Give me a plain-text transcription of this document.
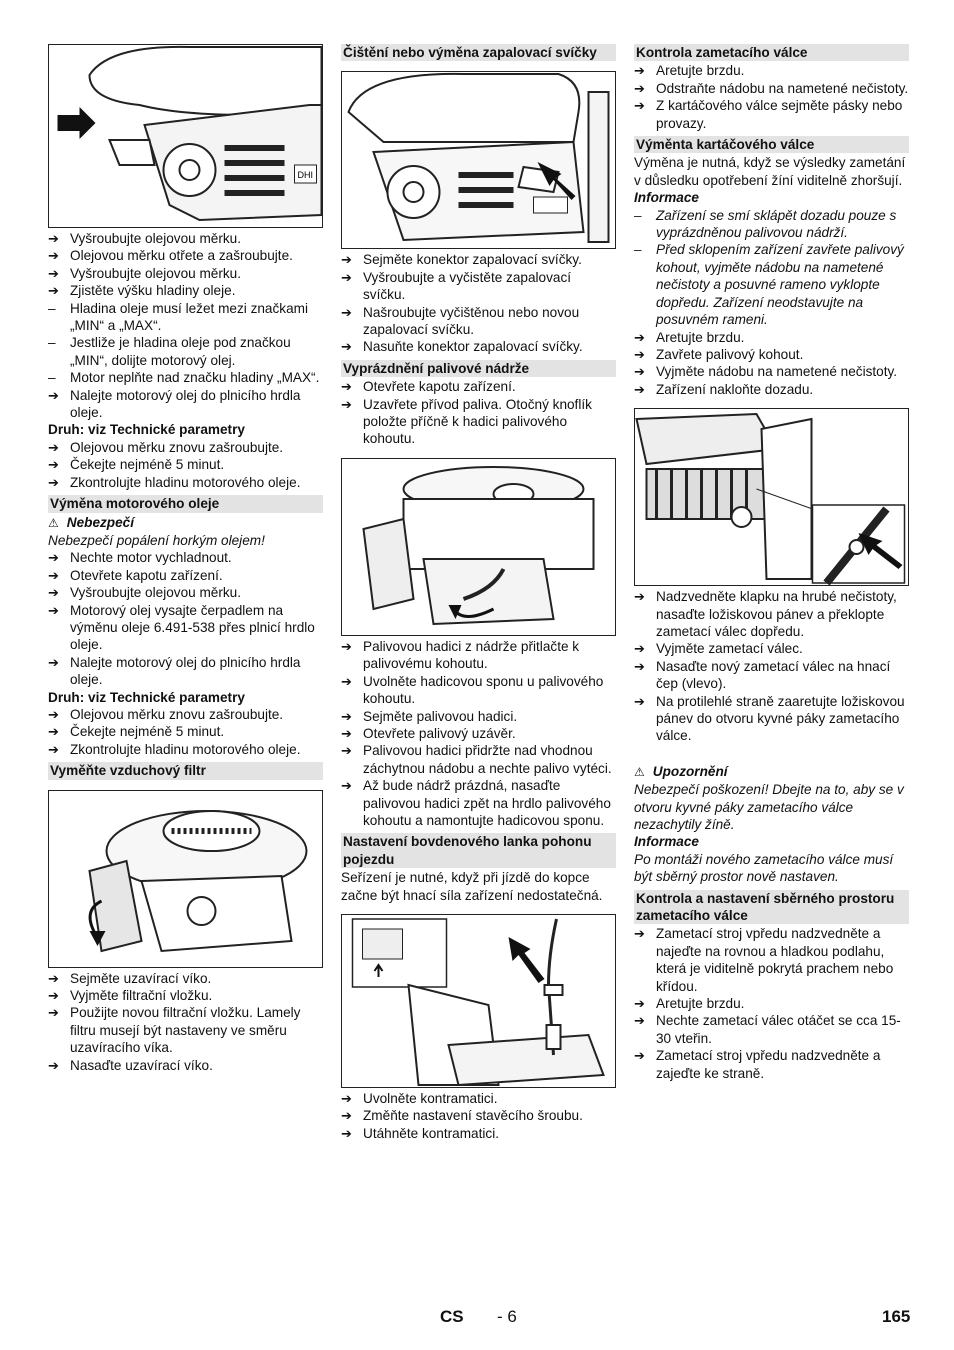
DHI
➔
Vyšroubujte olejovou měrku.
➔
Olejovou měrku otřete a zašroubujte.
➔
Vyšroubujte olejovou měrku.
➔
Zjistěte výšku hladiny oleje.
–
Hladina oleje musí ležet mezi značkami „MIN“ a „MAX“.
–
Jestliže je hladina oleje pod značkou „MIN“, dolijte motorový olej.
–
Motor neplňte nad značku hladiny „MAX“.
➔
Nalejte motorový olej do plnicího hrdla oleje.
Druh: viz Technické parametry
➔
Olejovou měrku znovu zašroubujte.
➔
Čekejte nejméně 5 minut.
➔
Zkontrolujte hladinu motorového oleje.
Výměna motorového oleje
⚠ Nebezpečí
Nebezpečí popálení horkým olejem!
➔
Nechte motor vychladnout.
➔
Otevřete kapotu zařízení.
➔
Vyšroubujte olejovou měrku.
➔
Motorový olej vysajte čerpadlem na výměnu oleje 6.491-538 přes plnicí hrdlo oleje.
➔
Nalejte motorový olej do plnicího hrdla oleje.
Druh: viz Technické parametry
➔
Olejovou měrku znovu zašroubujte.
➔
Čekejte nejméně 5 minut.
➔
Zkontrolujte hladinu motorového oleje.
Vyměňte vzduchový filtr
➔
Sejměte uzavírací víko.
➔
Vyjměte filtrační vložku.
➔
Použijte novou filtrační vložku. Lamely filtru musejí být nastaveny ve směru uzavíracího víka.
➔
Nasaďte uzavírací víko.
Čištění nebo výměna zapalovací svíčky
➔
Sejměte konektor zapalovací svíčky.
➔
Vyšroubujte a vyčistěte zapalovací svíčku.
➔
Našroubujte vyčištěnou nebo novou zapalovací svíčku.
➔
Nasuňte konektor zapalovací svíčky.
Vyprázdnění palivové nádrže
➔
Otevřete kapotu zařízení.
➔
Uzavřete přívod paliva. Otočný knoflík položte příčně k hadici palivového kohoutu.
➔
Palivovou hadici z nádrže přitlačte k palivovému kohoutu.
➔
Uvolněte hadicovou sponu u palivového kohoutu.
➔
Sejměte palivovou hadici.
➔
Otevřete palivový uzávěr.
➔
Palivovou hadici přidržte nad vhodnou záchytnou nádobu a nechte palivo vytéci.
➔
Až bude nádrž prázdná, nasaďte palivovou hadici zpět na hrdlo palivového kohoutu a namontujte hadicovou sponu.
Nastavení bovdenového lanka pohonu pojezdu
Seřízení je nutné, když při jízdě do kopce začne být hnací síla zařízení nedostatečná.
➔
Uvolněte kontramatici.
➔
Změňte nastavení stavěcího šroubu.
➔
Utáhněte kontramatici.
Kontrola zametacího válce
➔
Aretujte brzdu.
➔
Odstraňte nádobu na nametené nečistoty.
➔
Z kartáčového válce sejměte pásky nebo provazy.
Výměnta kartáčového válce
Výměna je nutná, když se výsledky zametání v důsledku opotřebení žíní viditelně zhoršují.
Informace
–
Zařízení se smí sklápět dozadu pouze s vyprázdněnou palivovou nádrží.
–
Před sklopením zařízení zavřete palivový kohout, vyjměte nádobu na nametené nečistoty a posuvné rameno vyklopte dopředu. Zařízení neodstavujte na posuvném rameni.
➔
Aretujte brzdu.
➔
Zavřete palivový kohout.
➔
Vyjměte nádobu na nametené nečistoty.
➔
Zařízení nakloňte dozadu.
➔
Nadzvedněte klapku na hrubé nečistoty, nasaďte ložiskovou pánev a překlopte zametací válec dopředu.
➔
Vyjměte zametací válec.
➔
Nasaďte nový zametací válec na hnací čep (vlevo).
➔
Na protilehlé straně zaaretujte ložiskovou pánev do otvoru kyvné páky zametacího válce.
⚠ Upozornění
Nebezpečí poškození! Dbejte na to, aby se v otvoru kyvné páky zametacího válce nezachytily žíně.
Informace
Po montáži nového zametacího válce musí být sběrný prostor nově nastaven.
Kontrola a nastavení sběrného prostoru zametacího válce
➔
Zametací stroj vpředu nadzvedněte a najeďte na rovnou a hladkou podlahu, která je viditelně pokrytá prachem nebo křídou.
➔
Aretujte brzdu.
➔
Nechte zametací válec otáčet se cca 15-30 vteřin.
➔
Zametací stroj vpředu nadzvedněte a zajeďte ke straně.
CS - 6	165
